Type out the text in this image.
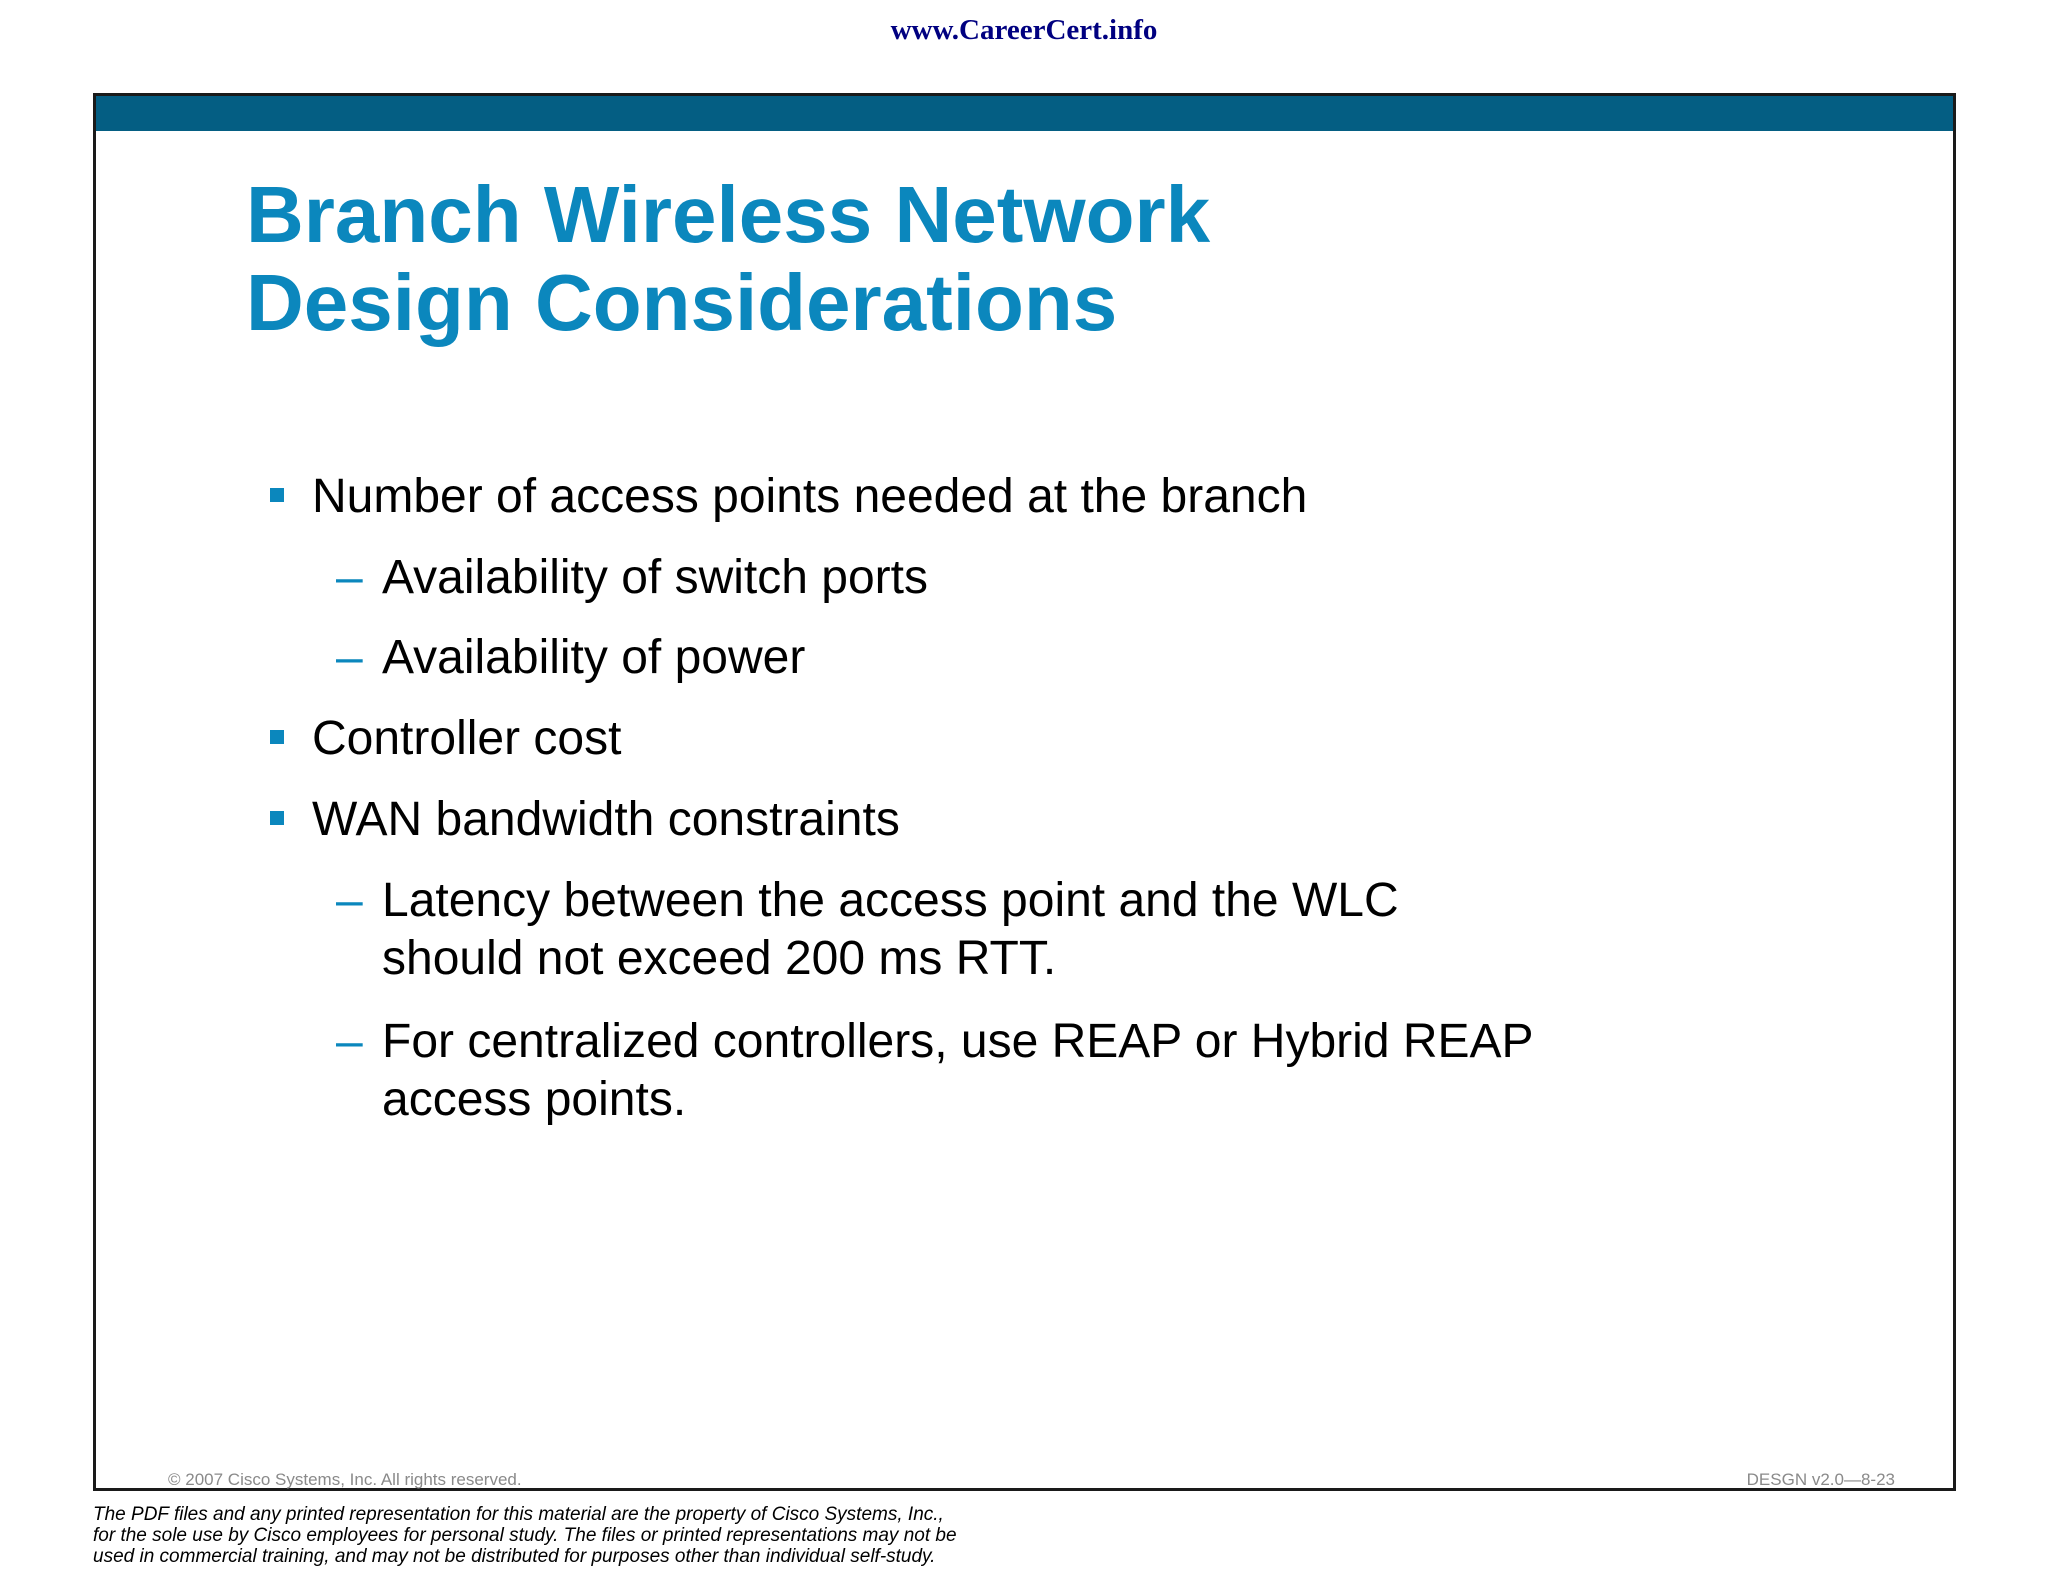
www.CareerCert.info
Branch Wireless Network
Design Considerations
Number of access points needed at the branch
– Availability of switch ports
– Availability of power
Controller cost
WAN bandwidth constraints
– Latency between the access point and the WLC
should not exceed 200 ms RTT.
– For centralized controllers, use REAP or Hybrid REAP
access points.
© 2007 Cisco Systems, Inc. All rights reserved.	DESGN v2.0—8-23
The PDF files and any printed representation for this material are the property of Cisco Systems, Inc.,
for the sole use by Cisco employees for personal study. The files or printed representations may not be
used in commercial training, and may not be distributed for purposes other than individual self-study.
